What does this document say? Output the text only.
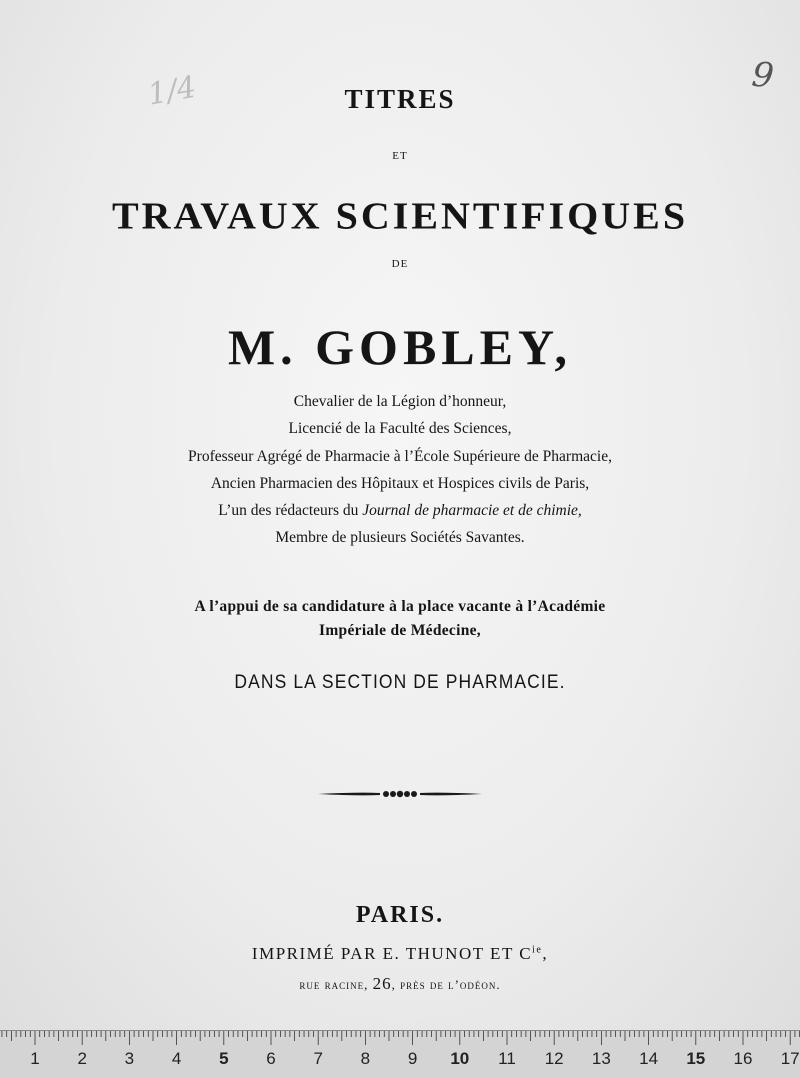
1/4	9
TITRES
ET
TRAVAUX SCIENTIFIQUES
DE
M. GOBLEY,
Chevalier de la Légion d’honneur,
Licencié de la Faculté des Sciences,
Professeur Agrégé de Pharmacie à l’École Supérieure de Pharmacie,
Ancien Pharmacien des Hôpitaux et Hospices civils de Paris,
L’un des rédacteurs du Journal de pharmacie et de chimie,
Membre de plusieurs Sociétés Savantes.
A l’appui de sa candidature à la place vacante à l’Académie
Impériale de Médecine,
DANS LA SECTION DE PHARMACIE.
PARIS.
IMPRIMÉ PAR E. THUNOT ET $C^{ie}$,
rue racine, 26, près de l’odéon.
1	2	3	4	5	6	7	8	9	10 11 12 13 14 15 16 17
